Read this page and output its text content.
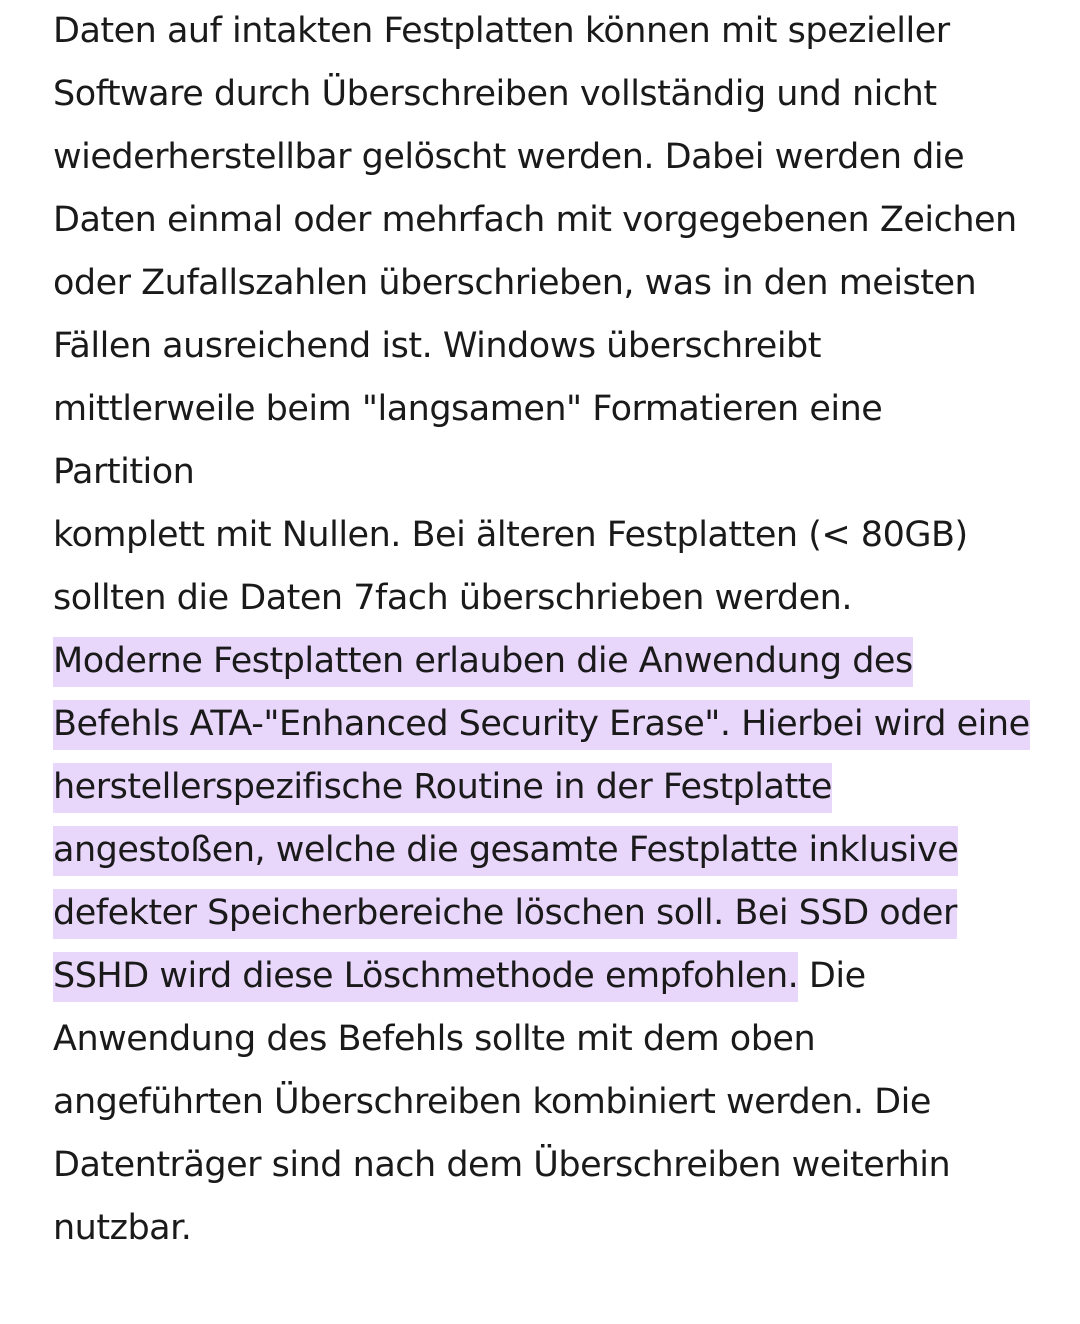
Daten auf intakten Festplatten können mit spezieller
Software durch Überschreiben vollständig und nicht
wiederherstellbar gelöscht werden. Dabei werden die
Daten einmal oder mehrfach mit vorgegebenen Zeichen
oder Zufallszahlen überschrieben, was in den meisten
Fällen ausreichend ist. Windows überschreibt
mittlerweile beim "langsamen" Formatieren eine
Partition
komplett mit Nullen. Bei älteren Festplatten (< 80GB)
sollten die Daten 7fach überschrieben werden.

Moderne Festplatten erlauben die Anwendung des
Befehls ATA-"Enhanced Security Erase". Hierbei wird eine
herstellerspezifische Routine in der Festplatte
angestoßen, welche die gesamte Festplatte inklusive
defekter Speicherbereiche löschen soll. Bei SSD oder
SSHD wird diese Löschmethode empfohlen. Die
Anwendung des Befehls sollte mit dem oben
angeführten Überschreiben kombiniert werden. Die
Datenträger sind nach dem Überschreiben weiterhin
nutzbar.
